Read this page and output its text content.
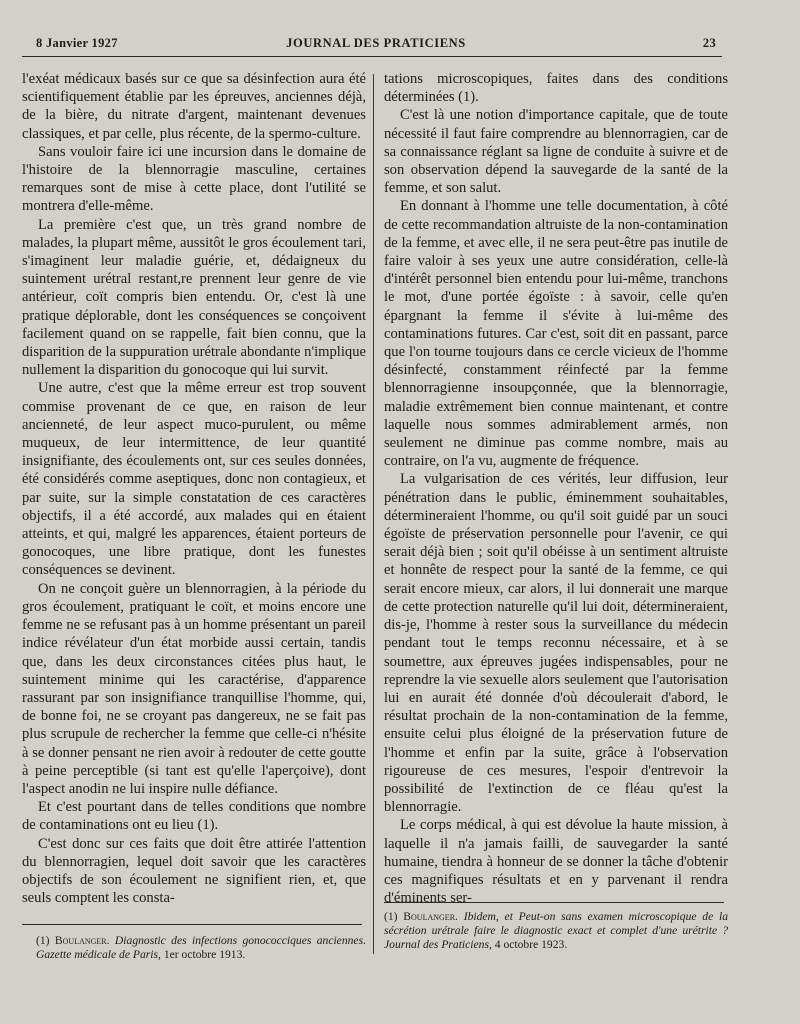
8 Janvier 1927	JOURNAL DES PRATICIENS	23

l'exéat médicaux basés sur ce que sa désinfection aura été scientifiquement établie par les épreuves, anciennes déjà, de la bière, du nitrate d'argent, maintenant devenues classiques, et par celle, plus récente, de la spermo-culture.

Sans vouloir faire ici une incursion dans le domaine de l'histoire de la blennorragie masculine, certaines remarques sont de mise à cette place, dont l'utilité se montrera d'elle-même.

La première c'est que, un très grand nombre de malades, la plupart même, aussitôt le gros écoulement tari, s'imaginent leur maladie guérie, et, dédaigneux du suintement urétral restant,re prennent leur genre de vie antérieur, coït compris bien entendu. Or, c'est là une pratique déplorable, dont les conséquences se conçoivent facilement quand on se rappelle, fait bien connu, que la disparition de la suppuration urétrale abondante n'implique nullement la disparition du gonocoque qui lui survit.

Une autre, c'est que la même erreur est trop souvent commise provenant de ce que, en raison de leur ancienneté, de leur aspect muco-purulent, ou même muqueux, de leur intermittence, de leur quantité insignifiante, des écoulements ont, sur ces seules données, été considérés comme aseptiques, donc non contagieux, et par suite, sur la simple constatation de ces caractères objectifs, il a été accordé, aux malades qui en étaient atteints, et qui, malgré les apparences, étaient porteurs de gonocoques, une libre pratique, dont les funestes conséquences se devinent.

On ne conçoit guère un blennorragien, à la période du gros écoulement, pratiquant le coït, et moins encore une femme ne se refusant pas à un homme présentant un pareil indice révélateur d'un état morbide aussi certain, tandis que, dans les deux circonstances citées plus haut, le suintement minime qui les caractérise, d'apparence rassurant par son insignifiance tranquillise l'homme, qui, de bonne foi, ne se croyant pas dangereux, ne se fait pas plus scrupule de rechercher la femme que celle-ci n'hésite à se donner pensant ne rien avoir à redouter de cette goutte à peine perceptible (si tant est qu'elle l'aperçoive), dont l'aspect anodin ne lui inspire nulle défiance.

Et c'est pourtant dans de telles conditions que nombre de contaminations ont eu lieu (1).

C'est donc sur ces faits que doit être attirée l'attention du blennorragien, lequel doit savoir que les caractères objectifs de son écoulement ne signifient rien, et, que seuls comptent les consta-

tations microscopiques, faites dans des conditions déterminées (1).

C'est là une notion d'importance capitale, que de toute nécessité il faut faire comprendre au blennorragien, car de sa connaissance réglant sa ligne de conduite à suivre et de son observation dépend la sauvegarde de la santé de la femme, et son salut.

En donnant à l'homme une telle documentation, à côté de cette recommandation altruiste de la non-contamination de la femme, et avec elle, il ne sera peut-être pas inutile de faire valoir à ses yeux une autre considération, celle-là d'intérêt personnel bien entendu pour lui-même, tranchons le mot, d'une portée égoïste : à savoir, celle qu'en épargnant la femme il s'évite à lui-même des contaminations futures. Car c'est, soit dit en passant, parce que l'on tourne toujours dans ce cercle vicieux de l'homme désinfecté, constamment réinfecté par la femme blennorragienne insoupçonnée, que la blennorragie, maladie extrêmement bien connue maintenant, et contre laquelle nous sommes admirablement armés, non seulement ne diminue pas comme nombre, mais au contraire, on l'a vu, augmente de fréquence.

La vulgarisation de ces vérités, leur diffusion, leur pénétration dans le public, éminemment souhaitables, détermineraient l'homme, ou qu'il soit guidé par un souci égoïste de préservation personnelle pour l'avenir, ce qui serait déjà bien ; soit qu'il obéisse à un sentiment altruiste et honnête de respect pour la santé de la femme, ce qui serait encore mieux, car alors, il lui donnerait une marque de cette protection naturelle qu'il lui doit, détermineraient, dis-je, l'homme à rester sous la surveillance du médecin pendant tout le temps reconnu nécessaire, et à se soumettre, aux épreuves jugées indispensables, pour ne reprendre la vie sexuelle alors seulement que l'autorisation lui en aurait été donnée d'où découlerait d'abord, le résultat prochain de la non-contamination de la femme, ensuite celui plus éloigné de la préservation future de l'homme et enfin par la suite, grâce à l'observation rigoureuse de ces mesures, l'espoir d'entrevoir la possibilité de l'extinction de ce fléau qu'est la blennorragie.

Le corps médical, à qui est dévolue la haute mission, à laquelle il n'a jamais failli, de sauvegarder la santé humaine, tiendra à honneur de se donner la tâche d'obtenir ces magnifiques résultats et en y parvenant il rendra d'éminents ser-

(1) Boulanger. Diagnostic des infections gonococciques anciennes. Gazette médicale de Paris, 1er octobre 1913.
(1) Boulanger. Ibidem, et Peut-on sans examen microscopique de la sécrétion urétrale faire le diagnostic exact et complet d'une urétrite ? Journal des Praticiens, 4 octobre 1923.
